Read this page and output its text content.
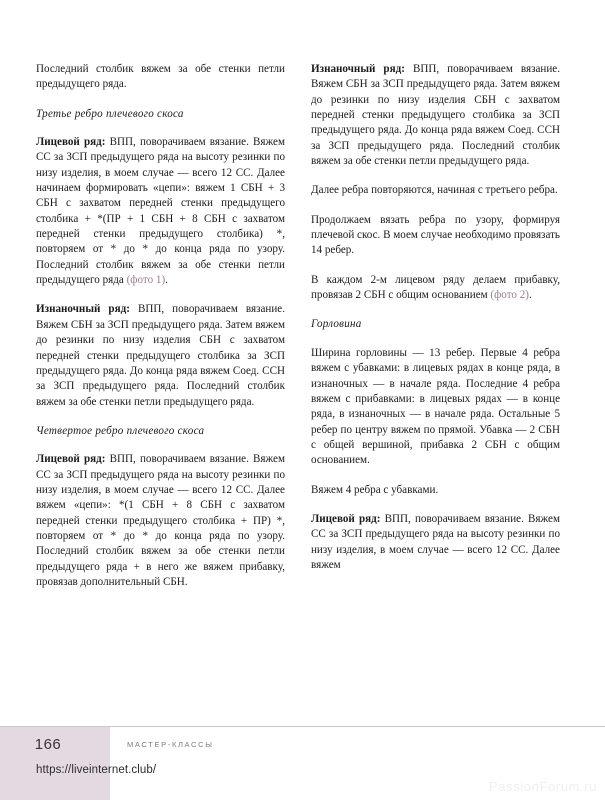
Последний столбик вяжем за обе стенки петли предыдущего ряда.

Третье ребро плечевого скоса

Лицевой ряд: ВПП, поворачиваем вязание. Вяжем СС за ЗСП предыдущего ряда на высоту резинки по низу изделия, в моем случае — всего 12 СС. Далее начинаем формировать «цепи»: вяжем 1 СБН + 3 СБН с захватом передней стенки предыдущего столбика + *(ПР + 1 СБН + 8 СБН с захватом передней стенки предыдущего столбика) *, повторяем от * до * до конца ряда по узору. Последний столбик вяжем за обе стенки петли предыдущего ряда (фото 1).

Изнаночный ряд: ВПП, поворачиваем вязание. Вяжем СБН за ЗСП предыдущего ряда. Затем вяжем до резинки по низу изделия СБН с захватом передней стенки предыдущего столбика за ЗСП предыдущего ряда. До конца ряда вяжем Соед. ССН за ЗСП предыдущего ряда. Последний столбик вяжем за обе стенки петли предыдущего ряда.

Четвертое ребро плечевого скоса

Лицевой ряд: ВПП, поворачиваем вязание. Вяжем СС за ЗСП предыдущего ряда на высоту резинки по низу изделия, в моем случае — всего 12 СС. Далее вяжем «цепи»: *(1 СБН + 8 СБН с захватом передней стенки предыдущего столбика + ПР) *, повторяем от * до * до конца ряда по узору. Последний столбик вяжем за обе стенки петли предыдущего ряда + в него же вяжем прибавку, провязав дополнительный СБН.

Изнаночный ряд: ВПП, поворачиваем вязание. Вяжем СБН за ЗСП предыдущего ряда. Затем вяжем до резинки по низу изделия СБН с захватом передней стенки предыдущего столбика за ЗСП предыдущего ряда. До конца ряда вяжем Соед. ССН за ЗСП предыдущего ряда. Последний столбик вяжем за обе стенки петли предыдущего ряда.

Далее ребра повторяются, начиная с третьего ребра.

Продолжаем вязать ребра по узору, формируя плечевой скос. В моем случае необходимо провязать 14 ребер.

В каждом 2-м лицевом ряду делаем прибавку, провязав 2 СБН с общим основанием (фото 2).

Горловина

Ширина горловины — 13 ребер. Первые 4 ребра вяжем с убавками: в лицевых рядах в конце ряда, в изнаночных — в начале ряда. Последние 4 ребра вяжем с прибавками: в лицевых рядах — в конце ряда, в изнаночных — в начале ряда. Остальные 5 ребер по центру вяжем по прямой. Убавка — 2 СБН с общей вершиной, прибавка 2 СБН с общим основанием.

Вяжем 4 ребра с убавками.

Лицевой ряд: ВПП, поворачиваем вязание. Вяжем СС за ЗСП предыдущего ряда на высоту резинки по низу изделия, в моем случае — всего 12 СС. Далее вяжем

166	МАСТЕР-КЛАССЫ
https://liveinternet.club/
PassionForum.ru
